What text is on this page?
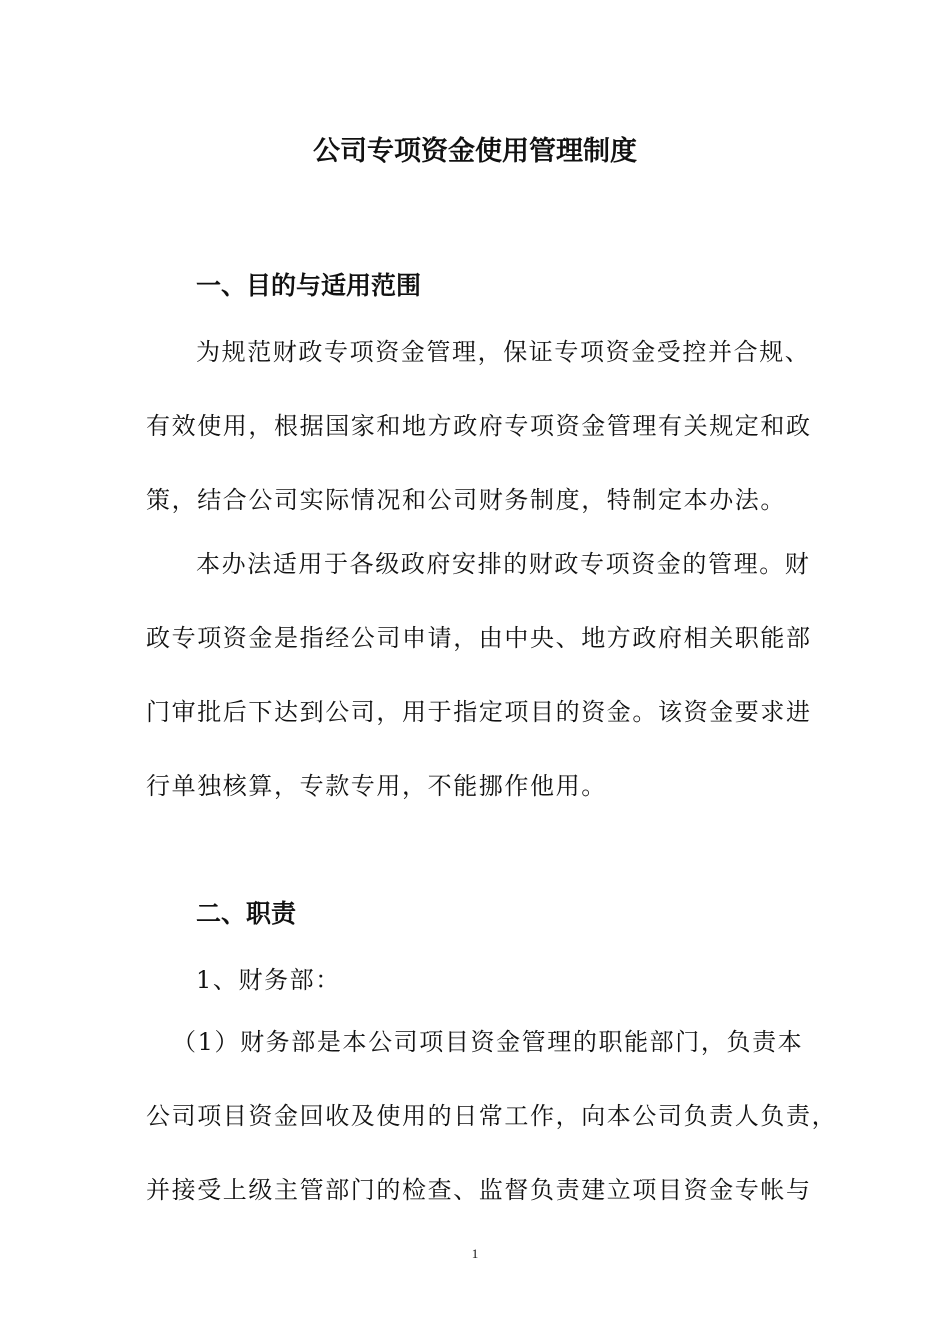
公司专项资金使用管理制度
一、目的与适用范围

为规范财政专项资金管理，保证专项资金受控并合规、

有效使用，根据国家和地方政府专项资金管理有关规定和政

策，结合公司实际情况和公司财务制度，特制定本办法。

本办法适用于各级政府安排的财政专项资金的管理。财

政专项资金是指经公司申请，由中央、地方政府相关职能部

门审批后下达到公司，用于指定项目的资金。该资金要求进

行单独核算，专款专用，不能挪作他用。

二、职责

1、财务部：

（1）财务部是本公司项目资金管理的职能部门，负责本

公司项目资金回收及使用的日常工作，向本公司负责人负责，

并接受上级主管部门的检查、监督负责建立项目资金专帐与

1
